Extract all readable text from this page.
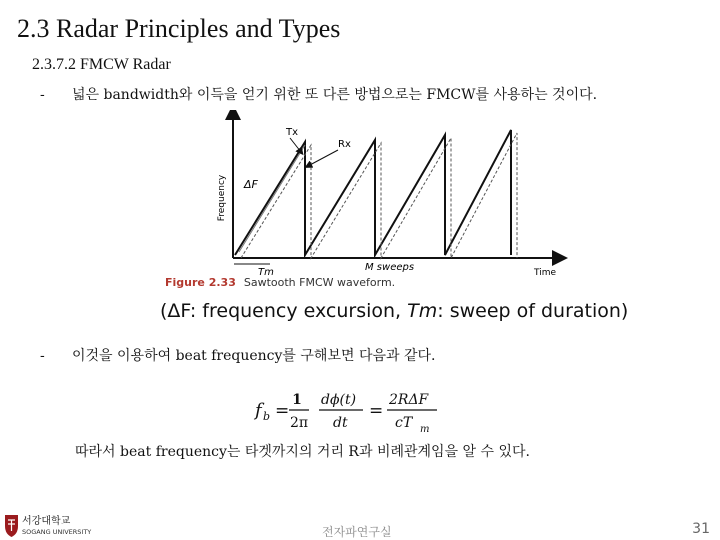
2.3 Radar Principles and Types
2.3.7.2 FMCW Radar
- 넓은 bandwidth와 이득을 얻기 위한 또 다른 방법으로는 FMCW를 사용하는 것이다.
Frequency
Tx
Rx
ΔF
Tm	M sweeps	Time
Figure 2.33 Sawtooth FMCW waveform.
(ΔF: frequency excursion, Tm: sweep of duration)
- 이것을 이용하여 beat frequency를 구해보면 다음과 같다.
f b =
1
2π
dϕ(t)
dt
=
2RΔF
cT m
따라서 beat frequency는 타겟까지의 거리 R과 비례관계임을 알 수 있다.
서강대학교
SOGANG UNIVERSITY	전자파연구실	31
